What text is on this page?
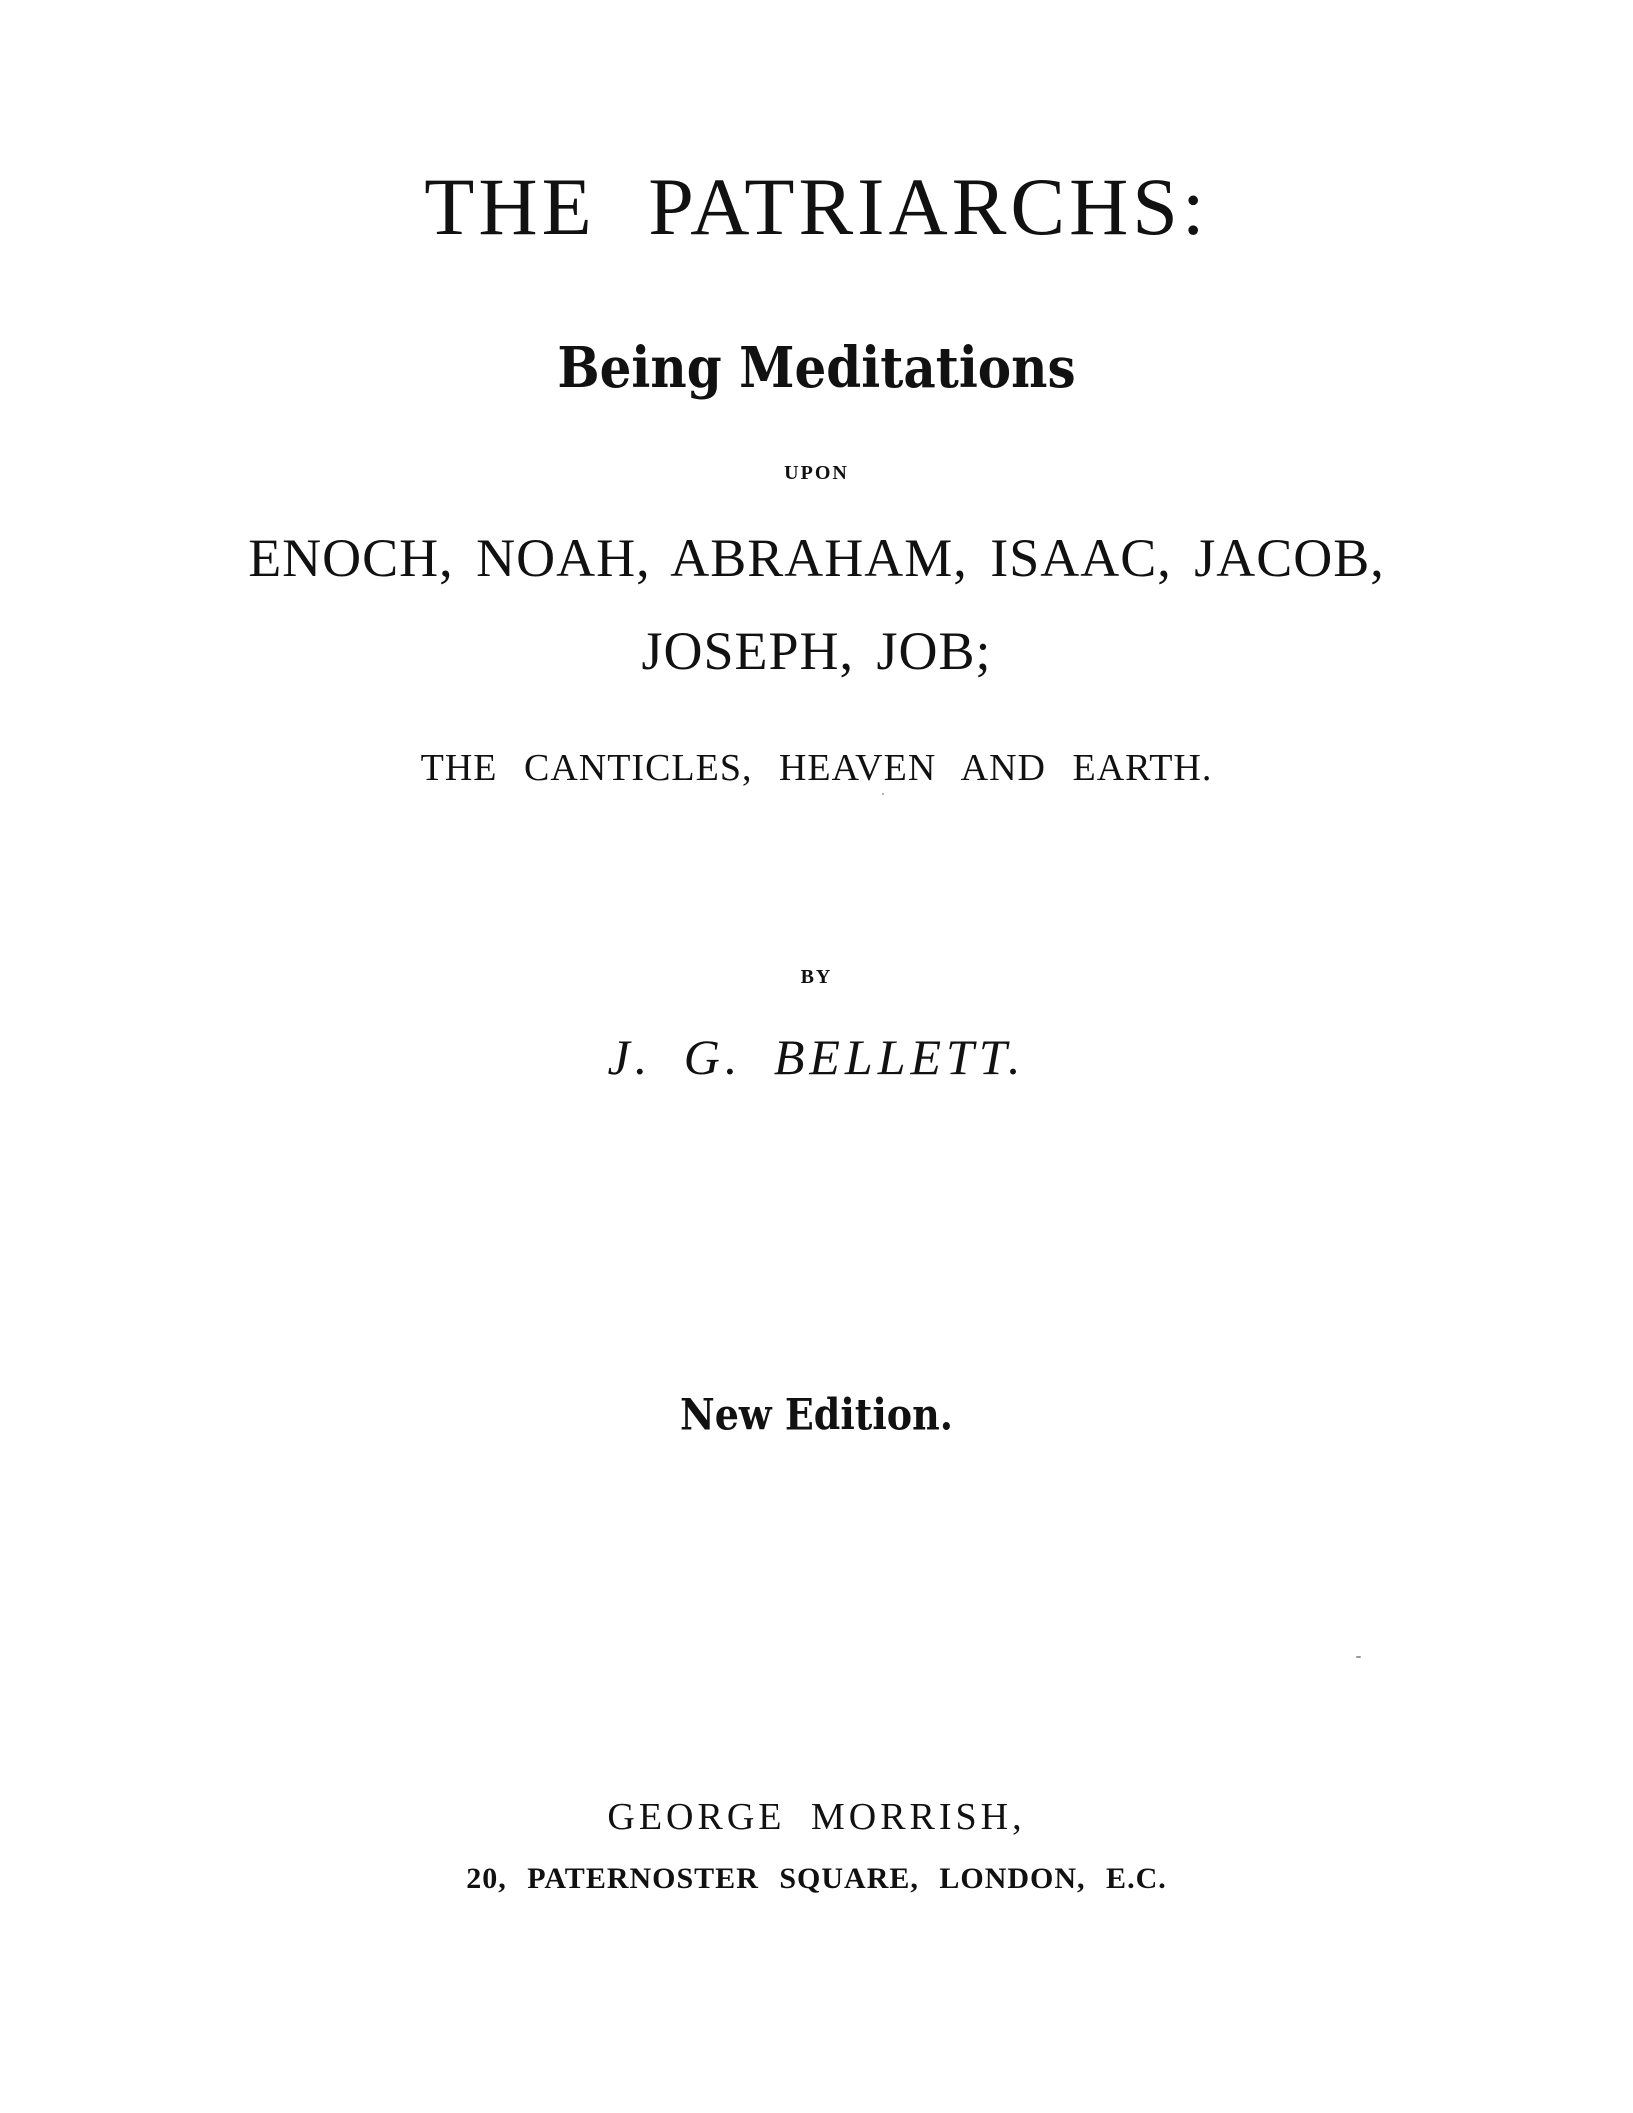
THE PATRIARCHS:
Being Meditations
UPON
ENOCH, NOAH, ABRAHAM, ISAAC, JACOB,
JOSEPH, JOB;
THE CANTICLES, HEAVEN AND EARTH.
BY
J. G. BELLETT.
New Edition.
GEORGE MORRISH,
20, PATERNOSTER SQUARE, LONDON, E.C.
